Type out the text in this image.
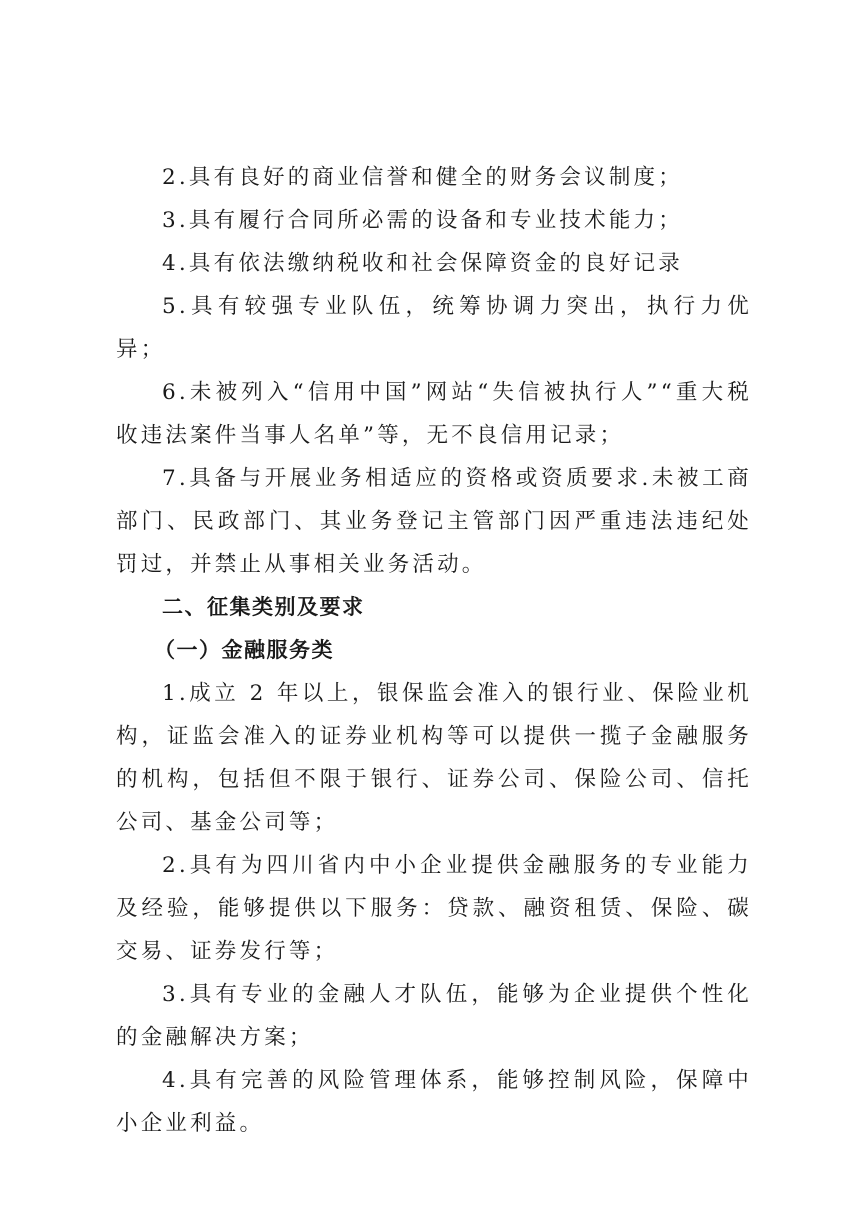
2.具有良好的商业信誉和健全的财务会议制度；

3.具有履行合同所必需的设备和专业技术能力；

4.具有依法缴纳税收和社会保障资金的良好记录

5.具有较强专业队伍，统筹协调力突出，执行力优异；

6.未被列入“信用中国”网站“失信被执行人”“重大税收违法案件当事人名单”等，无不良信用记录；

7.具备与开展业务相适应的资格或资质要求.未被工商部门、民政部门、其业务登记主管部门因严重违法违纪处罚过，并禁止从事相关业务活动。

二、征集类别及要求

（一）金融服务类

1.成立 2 年以上，银保监会准入的银行业、保险业机构，证监会准入的证券业机构等可以提供一揽子金融服务的机构，包括但不限于银行、证券公司、保险公司、信托公司、基金公司等；

2.具有为四川省内中小企业提供金融服务的专业能力及经验，能够提供以下服务：贷款、融资租赁、保险、碳交易、证券发行等；

3.具有专业的金融人才队伍，能够为企业提供个性化的金融解决方案；

4.具有完善的风险管理体系，能够控制风险，保障中小企业利益。
